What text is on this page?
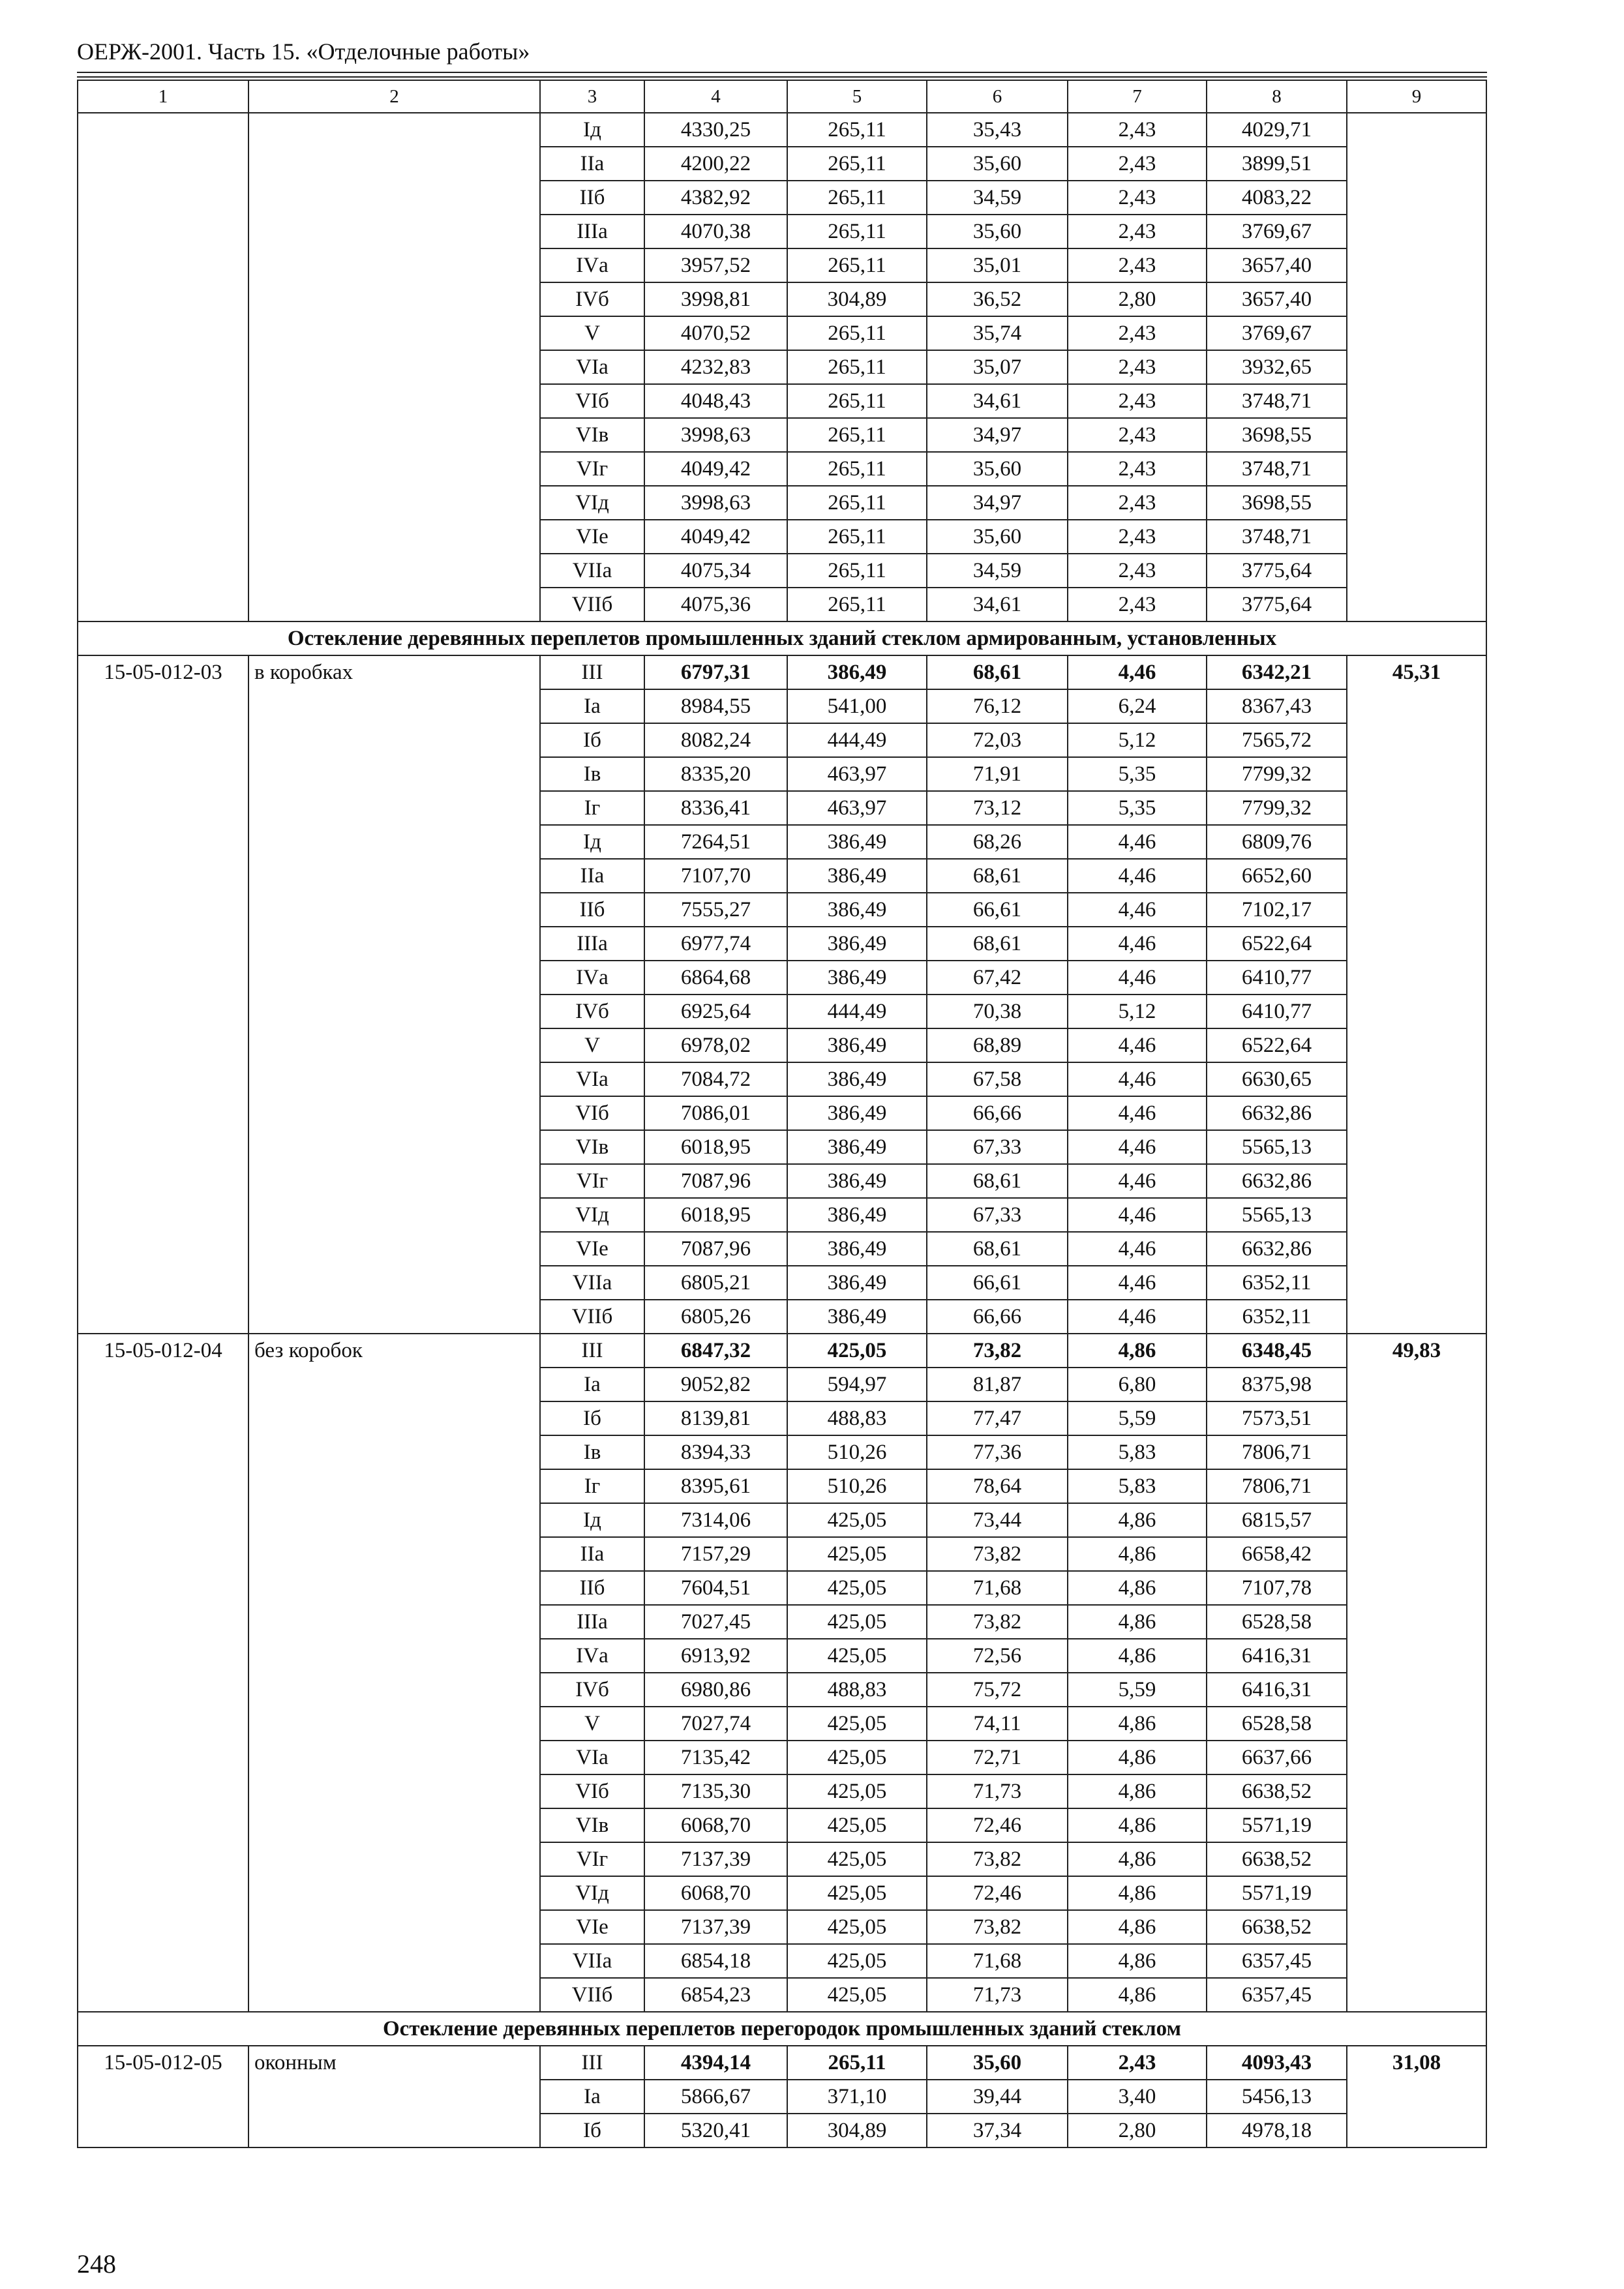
ОЕРЖ-2001. Часть 15. «Отделочные работы»
1	2	3	4	5	6	7	8	9
		Iд	4330,25	265,11	35,43	2,43	4029,71	
		IIа	4200,22	265,11	35,60	2,43	3899,51	
		IIб	4382,92	265,11	34,59	2,43	4083,22	
		IIIа	4070,38	265,11	35,60	2,43	3769,67	
		IVа	3957,52	265,11	35,01	2,43	3657,40	
		IVб	3998,81	304,89	36,52	2,80	3657,40	
		V	4070,52	265,11	35,74	2,43	3769,67	
		VIа	4232,83	265,11	35,07	2,43	3932,65	
		VIб	4048,43	265,11	34,61	2,43	3748,71	
		VIв	3998,63	265,11	34,97	2,43	3698,55	
		VIг	4049,42	265,11	35,60	2,43	3748,71	
		VIд	3998,63	265,11	34,97	2,43	3698,55	
		VIе	4049,42	265,11	35,60	2,43	3748,71	
		VIIа	4075,34	265,11	34,59	2,43	3775,64	
		VIIб	4075,36	265,11	34,61	2,43	3775,64	
Остекление деревянных переплетов промышленных зданий стеклом армированным, установленных								
15-05-012-03	в коробках	III	6797,31	386,49	68,61	4,46	6342,21	45,31
		Iа	8984,55	541,00	76,12	6,24	8367,43	
		Iб	8082,24	444,49	72,03	5,12	7565,72	
		Iв	8335,20	463,97	71,91	5,35	7799,32	
		Iг	8336,41	463,97	73,12	5,35	7799,32	
		Iд	7264,51	386,49	68,26	4,46	6809,76	
		IIа	7107,70	386,49	68,61	4,46	6652,60	
		IIб	7555,27	386,49	66,61	4,46	7102,17	
		IIIа	6977,74	386,49	68,61	4,46	6522,64	
		IVа	6864,68	386,49	67,42	4,46	6410,77	
		IVб	6925,64	444,49	70,38	5,12	6410,77	
		V	6978,02	386,49	68,89	4,46	6522,64	
		VIа	7084,72	386,49	67,58	4,46	6630,65	
		VIб	7086,01	386,49	66,66	4,46	6632,86	
		VIв	6018,95	386,49	67,33	4,46	5565,13	
		VIг	7087,96	386,49	68,61	4,46	6632,86	
		VIд	6018,95	386,49	67,33	4,46	5565,13	
		VIе	7087,96	386,49	68,61	4,46	6632,86	
		VIIа	6805,21	386,49	66,61	4,46	6352,11	
		VIIб	6805,26	386,49	66,66	4,46	6352,11	
15-05-012-04	без коробок	III	6847,32	425,05	73,82	4,86	6348,45	49,83
		Iа	9052,82	594,97	81,87	6,80	8375,98	
		Iб	8139,81	488,83	77,47	5,59	7573,51	
		Iв	8394,33	510,26	77,36	5,83	7806,71	
		Iг	8395,61	510,26	78,64	5,83	7806,71	
		Iд	7314,06	425,05	73,44	4,86	6815,57	
		IIа	7157,29	425,05	73,82	4,86	6658,42	
		IIб	7604,51	425,05	71,68	4,86	7107,78	
		IIIа	7027,45	425,05	73,82	4,86	6528,58	
		IVа	6913,92	425,05	72,56	4,86	6416,31	
		IVб	6980,86	488,83	75,72	5,59	6416,31	
		V	7027,74	425,05	74,11	4,86	6528,58	
		VIа	7135,42	425,05	72,71	4,86	6637,66	
		VIб	7135,30	425,05	71,73	4,86	6638,52	
		VIв	6068,70	425,05	72,46	4,86	5571,19	
		VIг	7137,39	425,05	73,82	4,86	6638,52	
		VIд	6068,70	425,05	72,46	4,86	5571,19	
		VIе	7137,39	425,05	73,82	4,86	6638,52	
		VIIа	6854,18	425,05	71,68	4,86	6357,45	
		VIIб	6854,23	425,05	71,73	4,86	6357,45	
Остекление деревянных переплетов перегородок промышленных зданий стеклом								
15-05-012-05	оконным	III	4394,14	265,11	35,60	2,43	4093,43	31,08
		Iа	5866,67	371,10	39,44	3,40	5456,13	
		Iб	5320,41	304,89	37,34	2,80	4978,18	
248
